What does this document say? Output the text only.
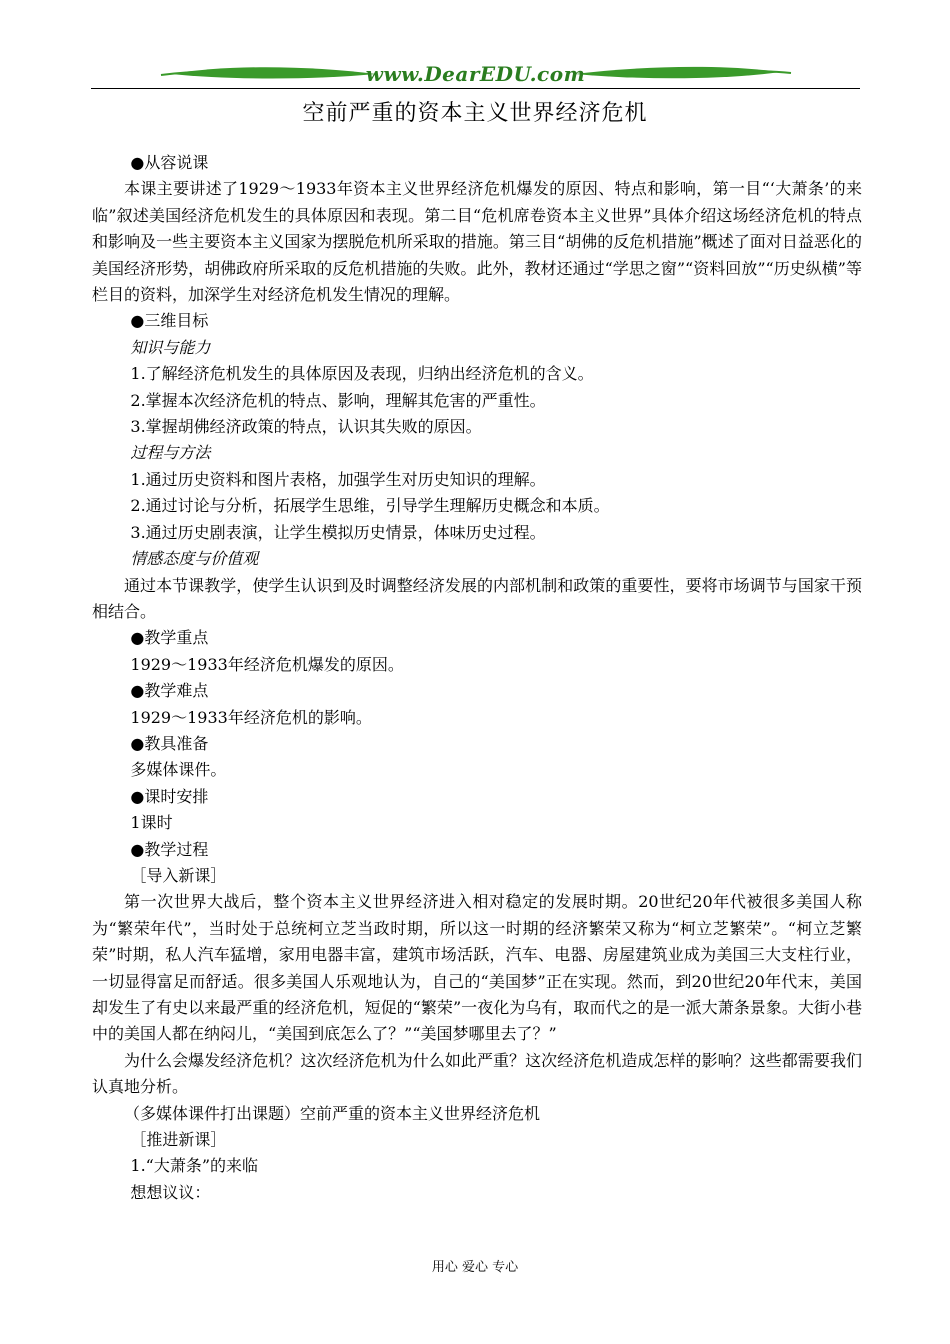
www.DearEDU.com
空前严重的资本主义世界经济危机

●从容说课

本课主要讲述了1929～1933年资本主义世界经济危机爆发的原因、特点和影响，第一目“‘大萧条’的来临”叙述美国经济危机发生的具体原因和表现。第二目“危机席卷资本主义世界”具体介绍这场经济危机的特点和影响及一些主要资本主义国家为摆脱危机所采取的措施。第三目“胡佛的反危机措施”概述了面对日益恶化的美国经济形势，胡佛政府所采取的反危机措施的失败。此外，教材还通过“学思之窗”“资料回放”“历史纵横”等栏目的资料，加深学生对经济危机发生情况的理解。

●三维目标

知识与能力

1.了解经济危机发生的具体原因及表现，归纳出经济危机的含义。

2.掌握本次经济危机的特点、影响，理解其危害的严重性。

3.掌握胡佛经济政策的特点，认识其失败的原因。

过程与方法

1.通过历史资料和图片表格，加强学生对历史知识的理解。

2.通过讨论与分析，拓展学生思维，引导学生理解历史概念和本质。

3.通过历史剧表演，让学生模拟历史情景，体味历史过程。

情感态度与价值观

通过本节课教学，使学生认识到及时调整经济发展的内部机制和政策的重要性，要将市场调节与国家干预相结合。

●教学重点

1929～1933年经济危机爆发的原因。

●教学难点

1929～1933年经济危机的影响。

●教具准备

多媒体课件。

●课时安排

1课时

●教学过程

［导入新课］

第一次世界大战后，整个资本主义世界经济进入相对稳定的发展时期。20世纪20年代被很多美国人称为“繁荣年代”，当时处于总统柯立芝当政时期，所以这一时期的经济繁荣又称为“柯立芝繁荣”。“柯立芝繁荣”时期，私人汽车猛增，家用电器丰富，建筑市场活跃，汽车、电器、房屋建筑业成为美国三大支柱行业，一切显得富足而舒适。很多美国人乐观地认为，自己的“美国梦”正在实现。然而，到20世纪20年代末，美国却发生了有史以来最严重的经济危机，短促的“繁荣”一夜化为乌有，取而代之的是一派大萧条景象。大街小巷中的美国人都在纳闷儿，“美国到底怎么了？”“美国梦哪里去了？”

为什么会爆发经济危机？这次经济危机为什么如此严重？这次经济危机造成怎样的影响？这些都需要我们认真地分析。

（多媒体课件打出课题）空前严重的资本主义世界经济危机

［推进新课］

1.“大萧条”的来临

想想议议：

用心 爱心 专心
